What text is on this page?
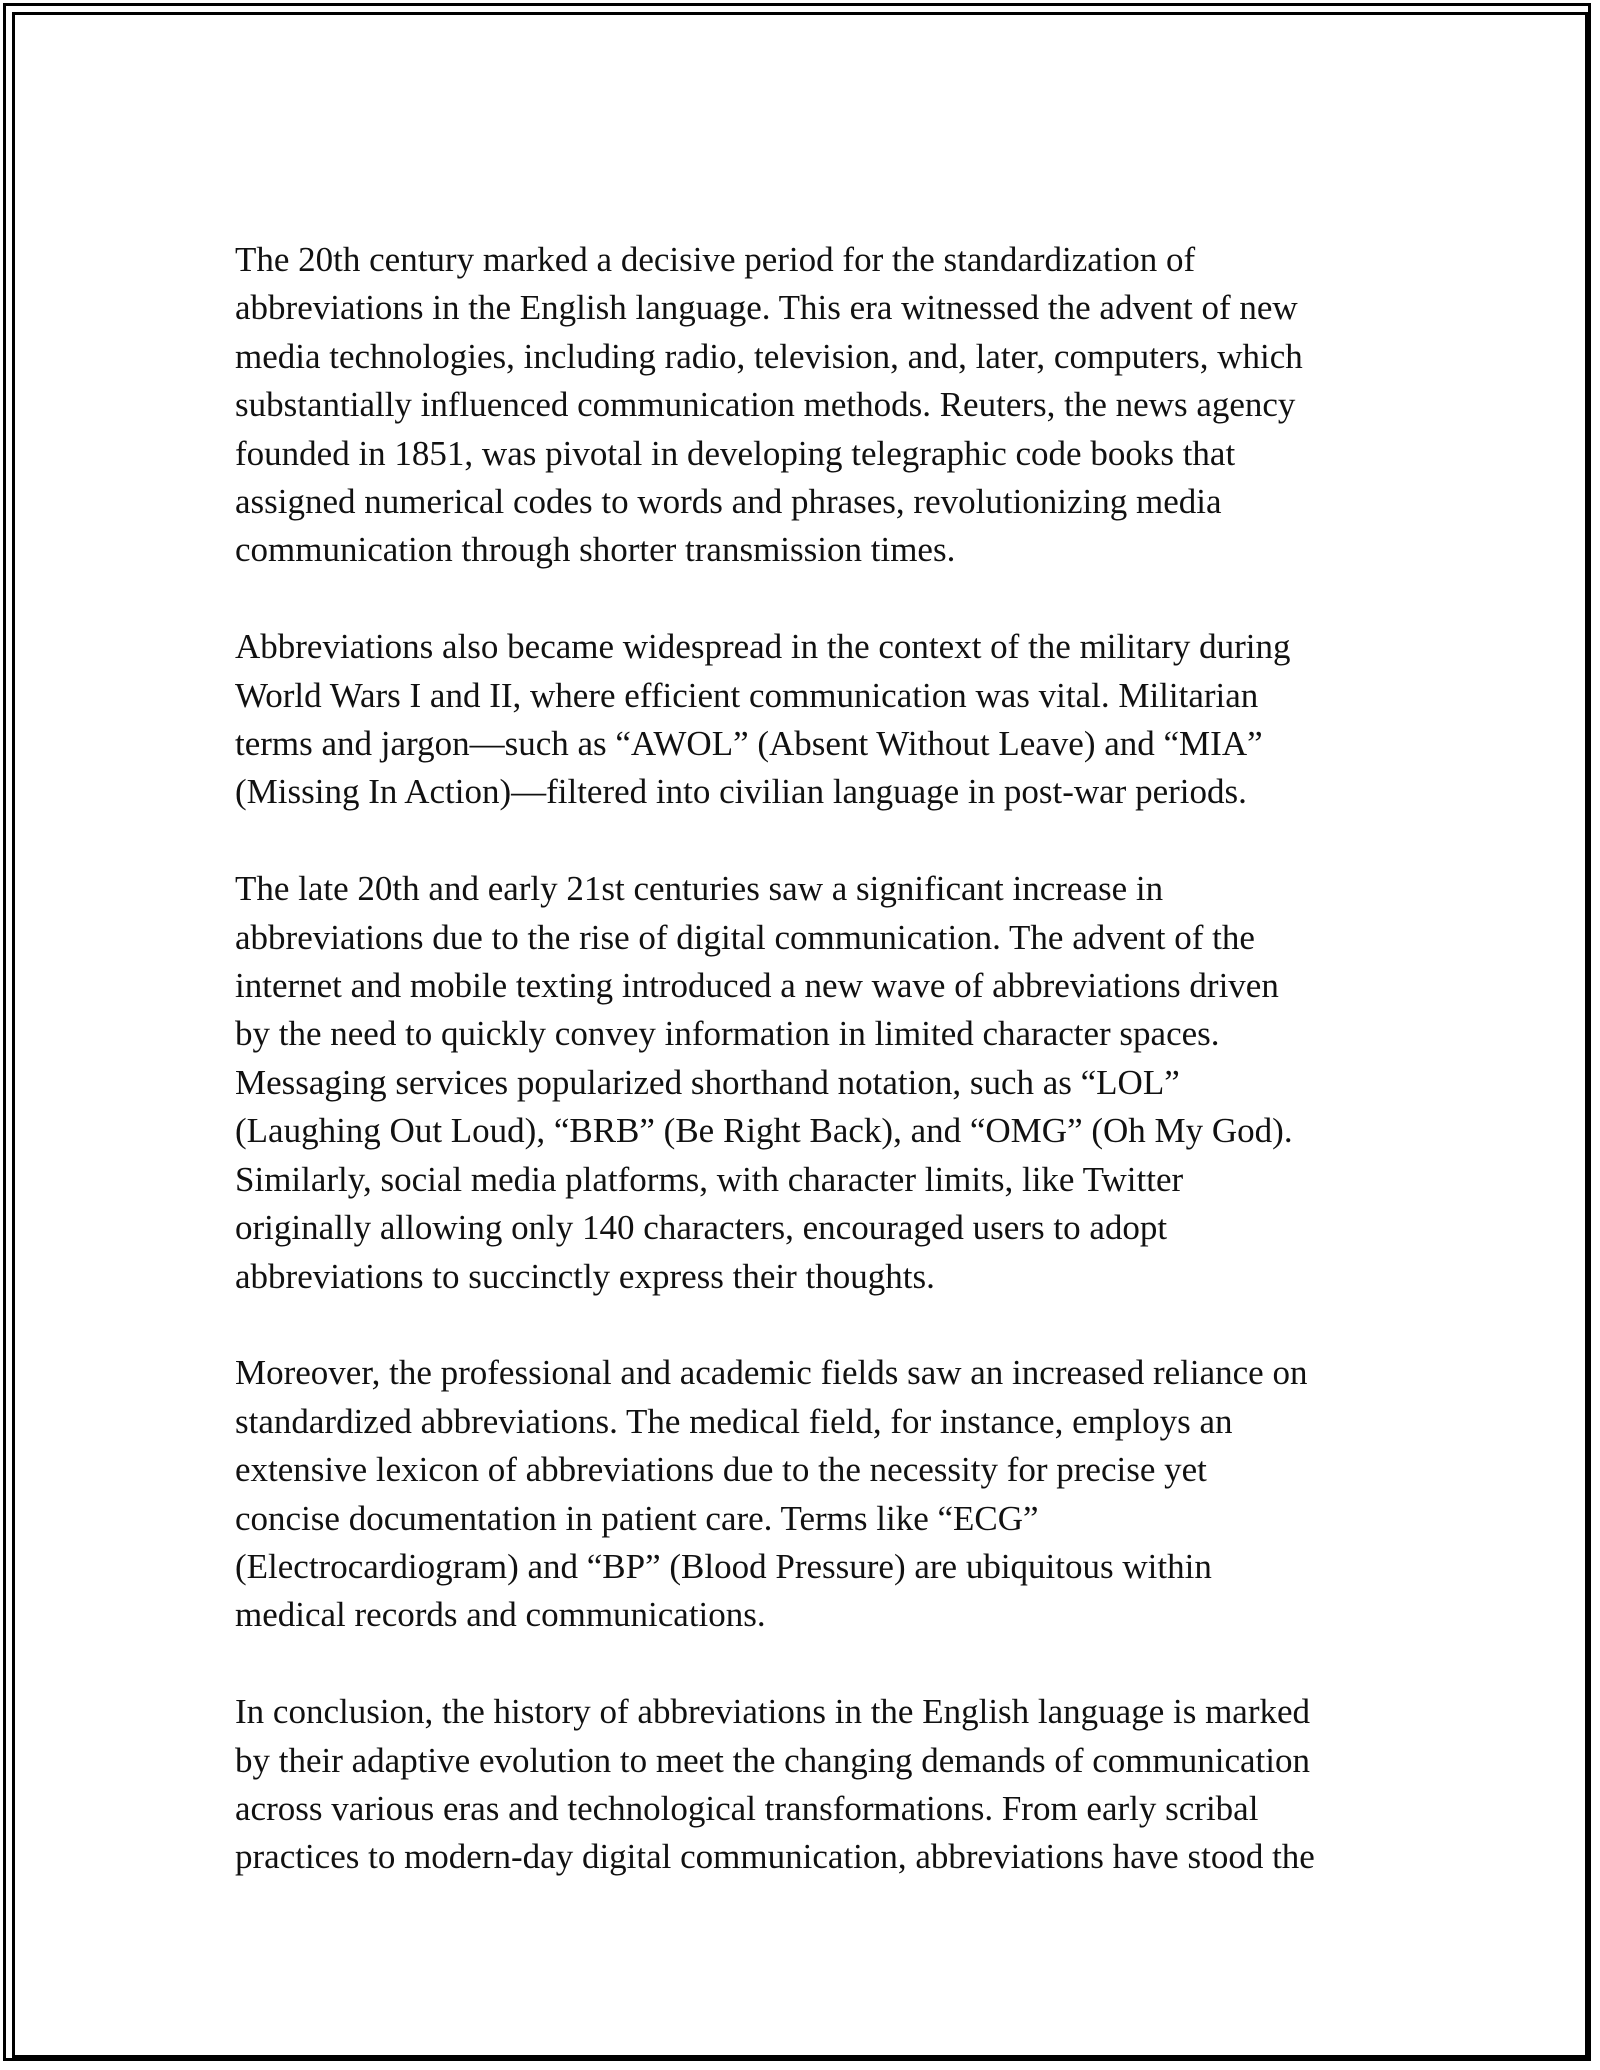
The 20th century marked a decisive period for the standardization of
abbreviations in the English language. This era witnessed the advent of new
media technologies, including radio, television, and, later, computers, which
substantially influenced communication methods. Reuters, the news agency
founded in 1851, was pivotal in developing telegraphic code books that
assigned numerical codes to words and phrases, revolutionizing media
communication through shorter transmission times.

Abbreviations also became widespread in the context of the military during
World Wars I and II, where efficient communication was vital. Militarian
terms and jargon—such as “AWOL” (Absent Without Leave) and “MIA”
(Missing In Action)—filtered into civilian language in post-war periods.

The late 20th and early 21st centuries saw a significant increase in
abbreviations due to the rise of digital communication. The advent of the
internet and mobile texting introduced a new wave of abbreviations driven
by the need to quickly convey information in limited character spaces.
Messaging services popularized shorthand notation, such as “LOL”
(Laughing Out Loud), “BRB” (Be Right Back), and “OMG” (Oh My God).
Similarly, social media platforms, with character limits, like Twitter
originally allowing only 140 characters, encouraged users to adopt
abbreviations to succinctly express their thoughts.

Moreover, the professional and academic fields saw an increased reliance on
standardized abbreviations. The medical field, for instance, employs an
extensive lexicon of abbreviations due to the necessity for precise yet
concise documentation in patient care. Terms like “ECG”
(Electrocardiogram) and “BP” (Blood Pressure) are ubiquitous within
medical records and communications.

In conclusion, the history of abbreviations in the English language is marked
by their adaptive evolution to meet the changing demands of communication
across various eras and technological transformations. From early scribal
practices to modern-day digital communication, abbreviations have stood the
